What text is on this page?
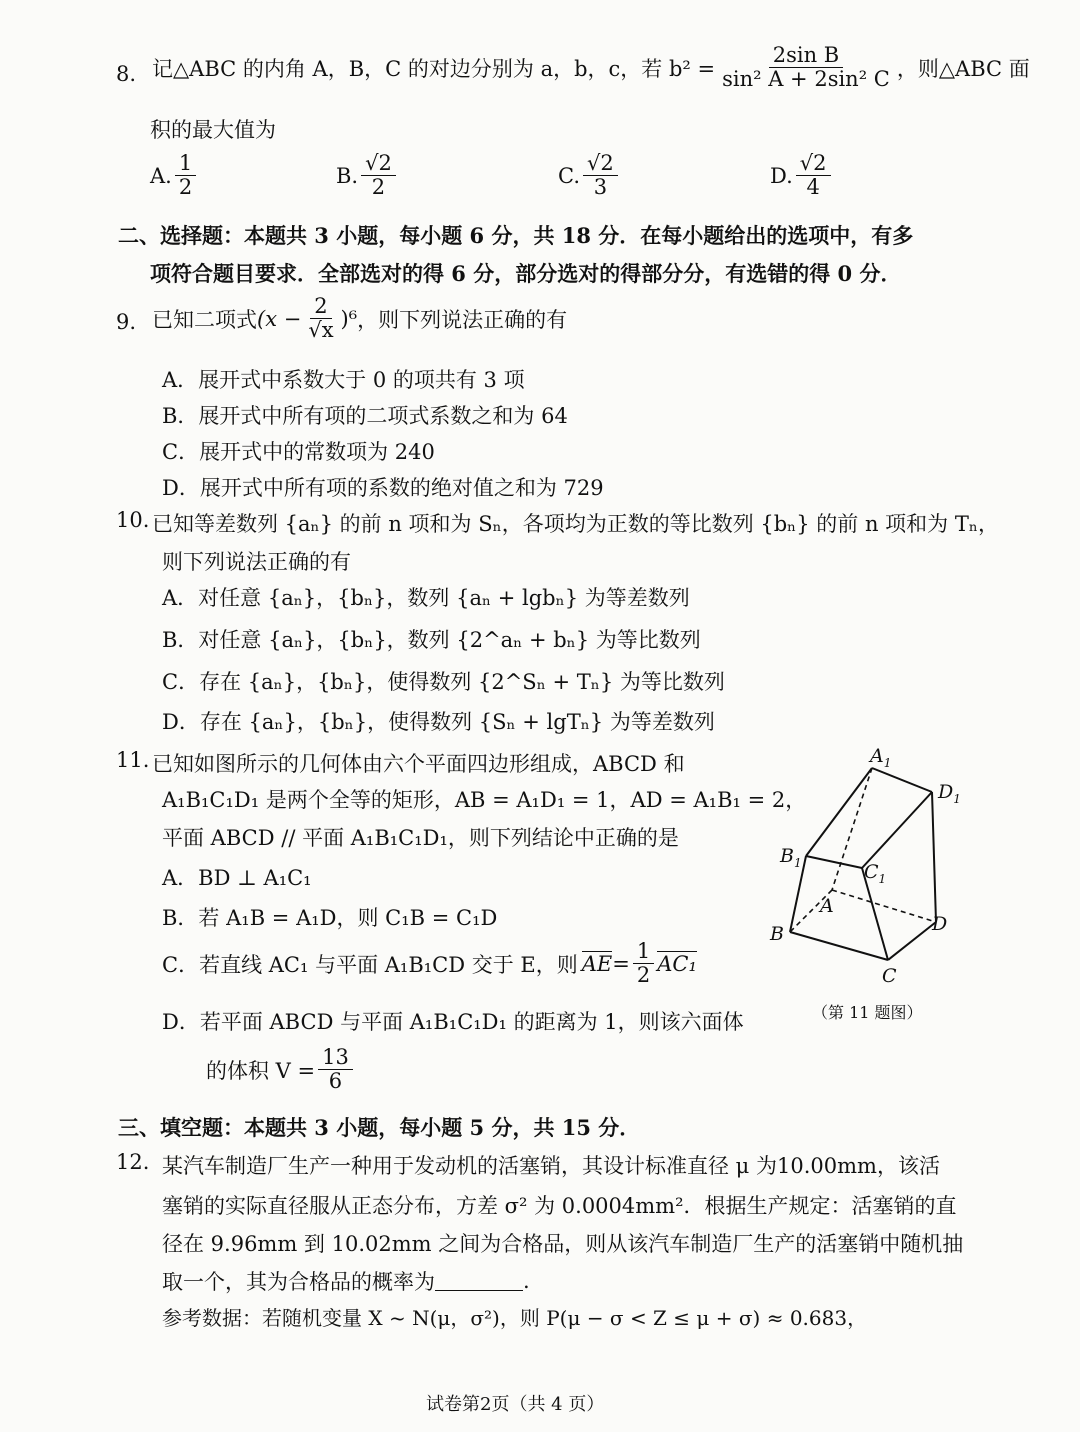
8. 记△ABC 的内角 A，B，C 的对边分别为 a，b，c，若 $b^2 = \frac{\text{2sin B}}{\text{sin² A + 2sin² C}}$ ，则△ABC 面
积的最大值为
A. $\frac{1}{2}$	B. $\frac{√2}{2}$	C. $\frac{√2}{3}$	D. $\frac{√2}{4}$
二、选择题：本题共 3 小题，每小题 6 分，共 18 分．在每小题给出的选项中，有多
项符合题目要求．全部选对的得 6 分，部分选对的得部分分，有选错的得 0 分．
9. 已知二项式 $(x - \frac{2}{√x} )^6$ ，则下列说法正确的有
A．展开式中系数大于 0 的项共有 3 项
B．展开式中所有项的二项式系数之和为 64
C．展开式中的常数项为 240
D．展开式中所有项的系数的绝对值之和为 729
10. 已知等差数列 {aₙ} 的前 n 项和为 Sₙ，各项均为正数的等比数列 {bₙ} 的前 n 项和为 Tₙ，
则下列说法正确的有
A．对任意 {aₙ}，{bₙ}，数列 {aₙ + lgbₙ} 为等差数列
B．对任意 {aₙ}，{bₙ}，数列 {2^aₙ + bₙ} 为等比数列
C．存在 {aₙ}，{bₙ}，使得数列 {2^Sₙ + Tₙ} 为等比数列
D．存在 {aₙ}，{bₙ}，使得数列 {Sₙ + lgTₙ} 为等差数列
11. 已知如图所示的几何体由六个平面四边形组成，ABCD 和
A₁B₁C₁D₁ 是两个全等的矩形，AB = A₁D₁ = 1，AD = A₁B₁ = 2，
平面 ABCD // 平面 A₁B₁C₁D₁，则下列结论中正确的是
A．BD ⊥ A₁C₁
B．若 A₁B = A₁D，则 C₁B = C₁D
C．若直线 AC₁ 与平面 A₁B₁CD 交于 E，则 AE = $\frac{1}{2} AC_1$
D．若平面 ABCD 与平面 A₁B₁C₁D₁ 的距离为 1，则该六面体
的体积 $V = \frac{13}{6}$
$A_1$
$D_1$
$B_1$	$C_1$
A
B
C
D
（第 11 题图）
三、填空题：本题共 3 小题，每小题 5 分，共 15 分．
12. 某汽车制造厂生产一种用于发动机的活塞销，其设计标准直径 μ 为10.00mm，该活
塞销的实际直径服从正态分布，方差 σ² 为 0.0004mm²．根据生产规定：活塞销的直
径在 9.96mm 到 10.02mm 之间为合格品，则从该汽车制造厂生产的活塞销中随机抽
取一个，其为合格品的概率为	.
参考数据：若随机变量 X ~ N(μ，σ²)，则 P(μ − σ < Z ≤ μ + σ) ≈ 0.683，
试卷第2页（共 4 页）
